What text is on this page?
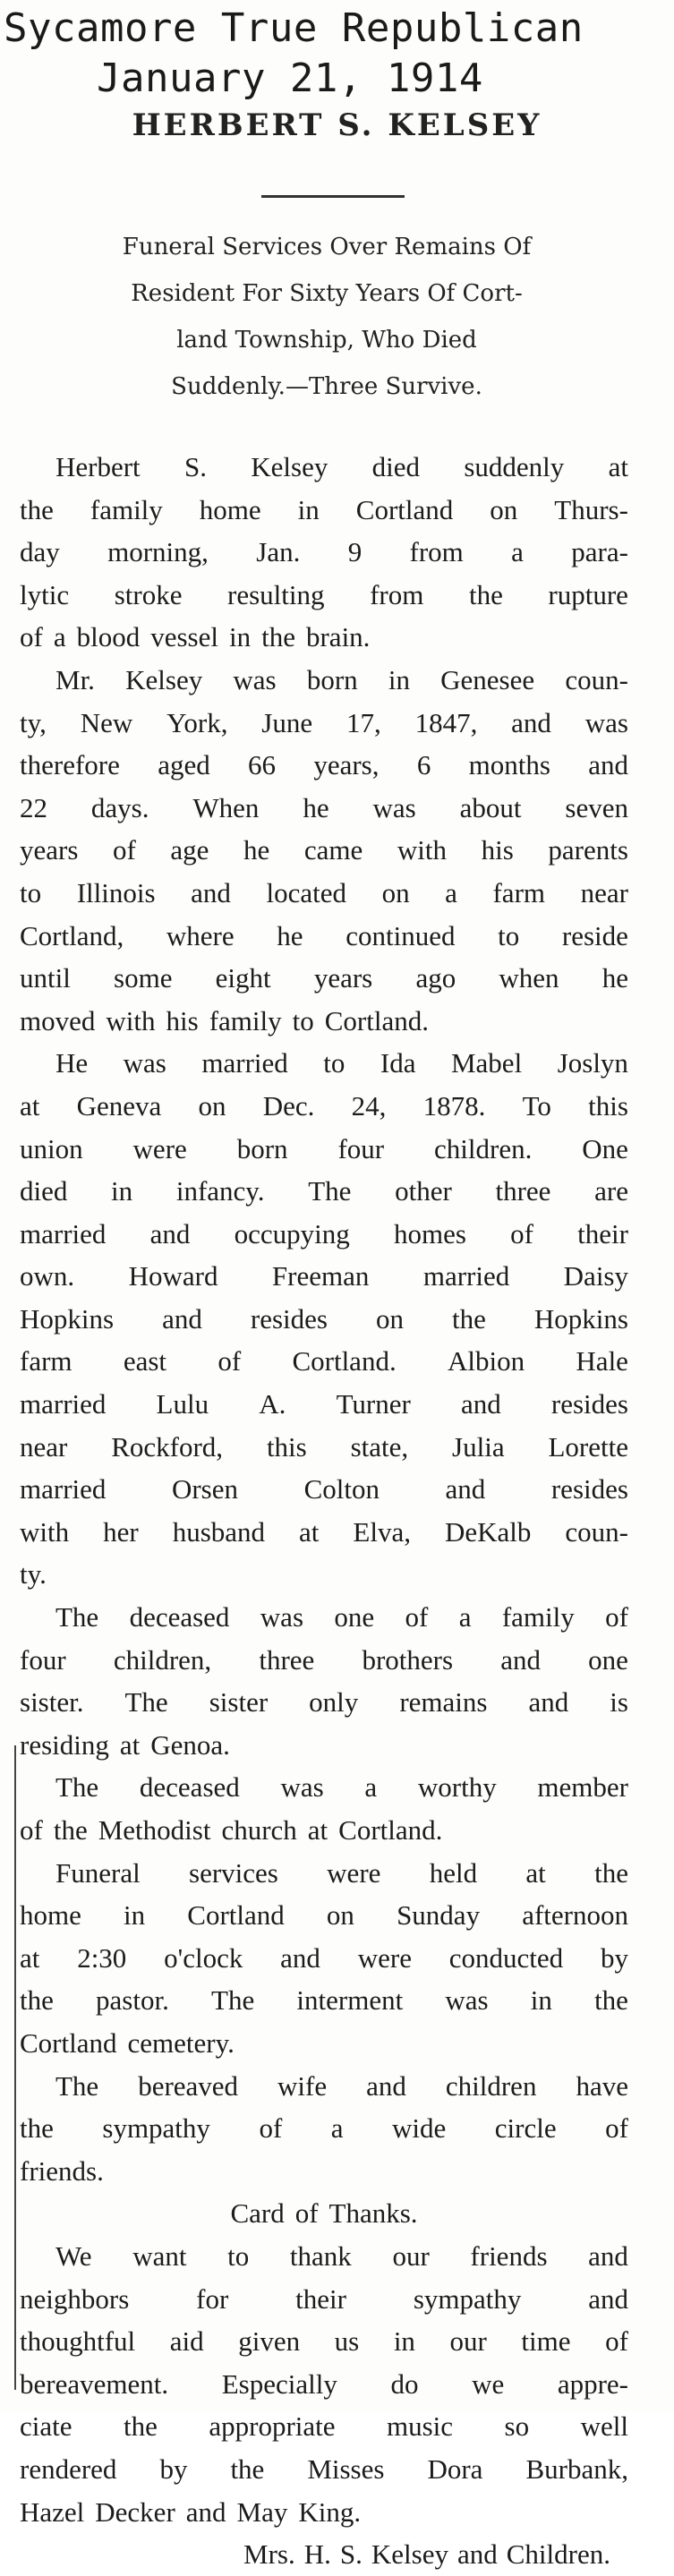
Sycamore True Republican
January 21, 1914
HERBERT S. KELSEY
Funeral Services Over Remains Of
Resident For Sixty Years Of Cort-
land Township, Who Died
Suddenly.—Three Survive.
Herbert S. Kelsey died suddenly at
the family home in Cortland on Thurs-
day morning, Jan. 9 from a para-
lytic stroke resulting from the rupture
of a blood vessel in the brain.
Mr. Kelsey was born in Genesee coun-
ty, New York, June 17, 1847, and was
therefore aged 66 years, 6 months and
22 days. When he was about seven
years of age he came with his parents
to Illinois and located on a farm near
Cortland, where he continued to reside
until some eight years ago when he
moved with his family to Cortland.
He was married to Ida Mabel Joslyn
at Geneva on Dec. 24, 1878. To this
union were born four children. One
died in infancy. The other three are
married and occupying homes of their
own. Howard Freeman married Daisy
Hopkins and resides on the Hopkins
farm east of Cortland. Albion Hale
married Lulu A. Turner and resides
near Rockford, this state, Julia Lorette
married Orsen Colton and resides
with her husband at Elva, DeKalb coun-
ty.
The deceased was one of a family of
four children, three brothers and one
sister. The sister only remains and is
residing at Genoa.
The deceased was a worthy member
of the Methodist church at Cortland.
Funeral services were held at the
home in Cortland on Sunday afternoon
at 2:30 o'clock and were conducted by
the pastor. The interment was in the
Cortland cemetery.
The bereaved wife and children have
the sympathy of a wide circle of
friends.
Card of Thanks.
We want to thank our friends and
neighbors for their sympathy and
thoughtful aid given us in our time of
bereavement. Especially do we appre-
ciate the appropriate music so well
rendered by the Misses Dora Burbank,
Hazel Decker and May King.
Mrs. H. S. Kelsey and Children.
